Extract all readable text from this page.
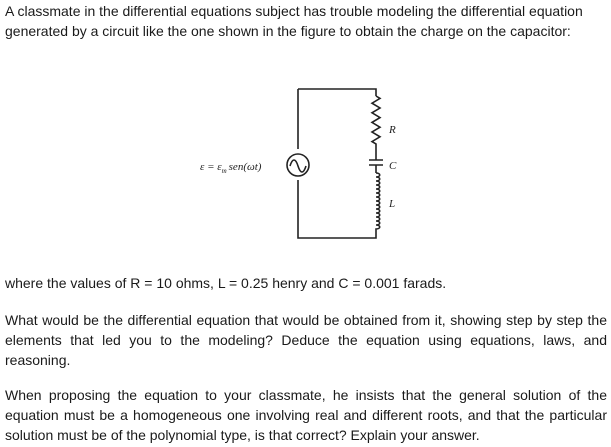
A classmate in the differential equations subject has trouble modeling the differential equation generated by a circuit like the one shown in the figure to obtain the charge on the capacitor:

$\varepsilon = \varepsilon_m$ sen(ωt)
R
C
L

where the values of R = 10 ohms, L = 0.25 henry and C = 0.001 farads.

What would be the differential equation that would be obtained from it, showing step by step the elements that led you to the modeling? Deduce the equation using equations, laws, and reasoning.

When proposing the equation to your classmate, he insists that the general solution of the equation must be a homogeneous one involving real and different roots, and that the particular solution must be of the polynomial type, is that correct? Explain your answer.
